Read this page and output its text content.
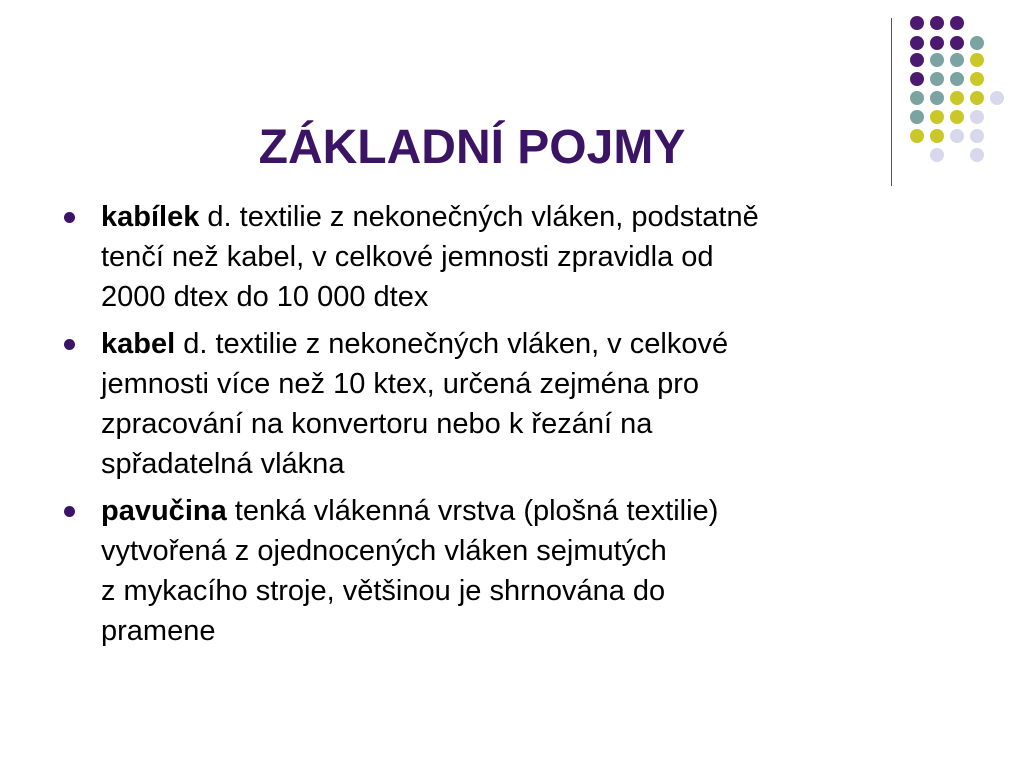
ZÁKLADNÍ POJMY
kabílek d. textilie z nekonečných vláken, podstatně
tenčí než kabel, v celkové jemnosti zpravidla od
2000 dtex do 10 000 dtex
kabel d. textilie z nekonečných vláken, v celkové
jemnosti více než 10 ktex, určená zejména pro
zpracování na konvertoru nebo k řezání na
spřadatelná vlákna
pavučina tenká vlákenná vrstva (plošná textilie)
vytvořená z ojednocených vláken sejmutých
z mykacího stroje, většinou je shrnována do
pramene
